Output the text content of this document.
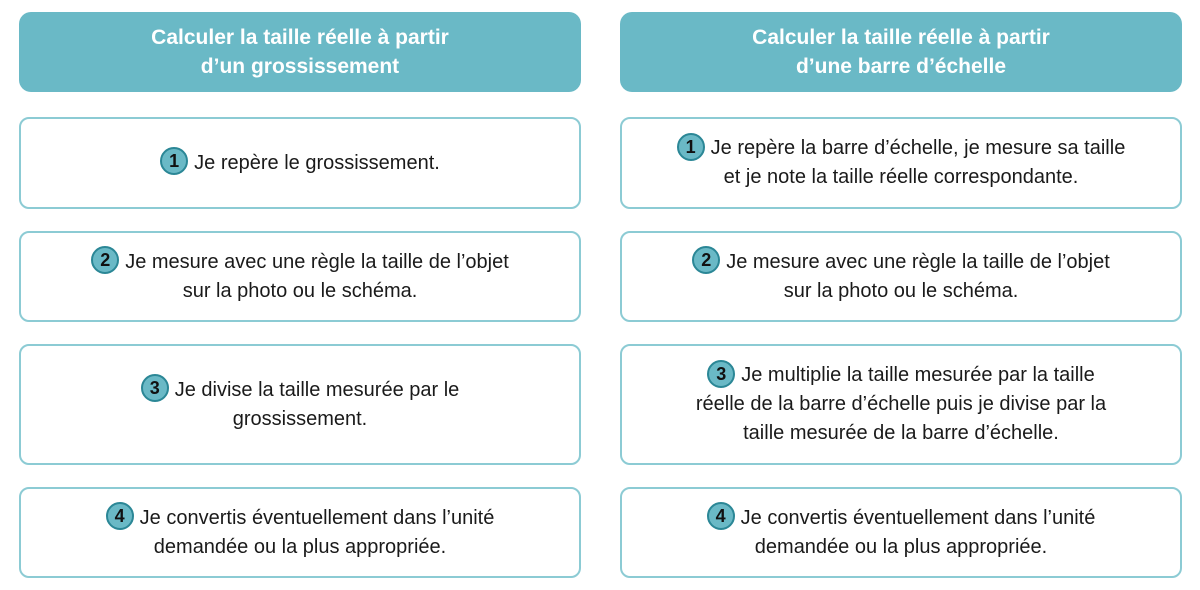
Calculer la taille réelle à partir
d’un grossissement
1 Je repère le grossissement.
2 Je mesure avec une règle la taille de l’objet
sur la photo ou le schéma.
3 Je divise la taille mesurée par le
grossissement.
4 Je convertis éventuellement dans l’unité
demandée ou la plus appropriée.
Calculer la taille réelle à partir
d’une barre d’échelle
1 Je repère la barre d’échelle, je mesure sa taille
et je note la taille réelle correspondante.
2 Je mesure avec une règle la taille de l’objet
sur la photo ou le schéma.
3 Je multiplie la taille mesurée par la taille
réelle de la barre d’échelle puis je divise par la
taille mesurée de la barre d’échelle.
4 Je convertis éventuellement dans l’unité
demandée ou la plus appropriée.
